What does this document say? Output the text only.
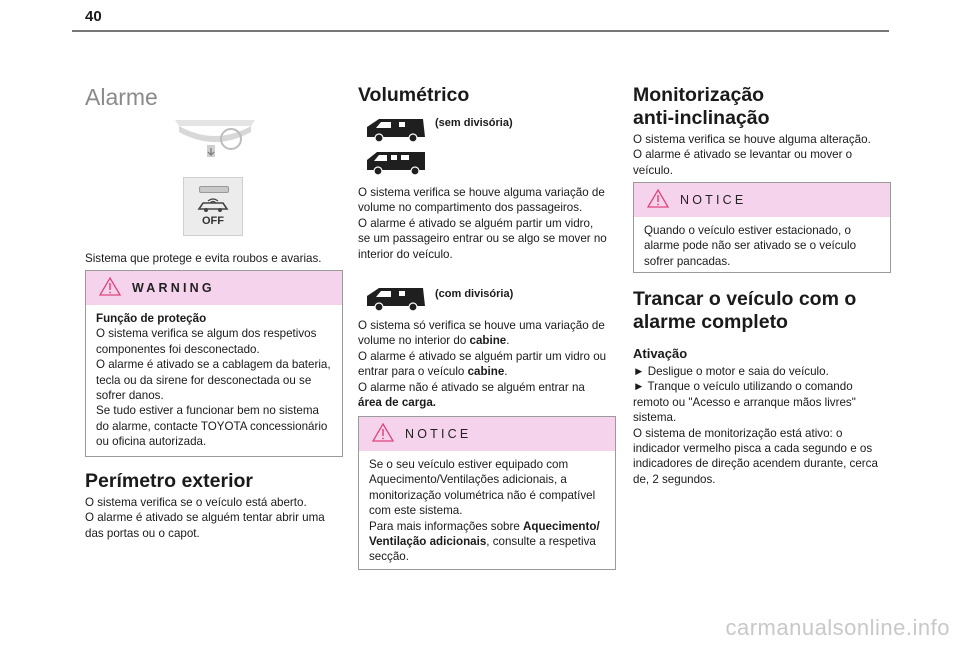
40
Alarme
OFF

Sistema que protege e evita roubos e avarias.

WARNING
Função de proteção
O sistema verifica se algum dos respetivos
componentes foi desconectado.
O alarme é ativado se a cablagem da bateria,
tecla ou da sirene for desconectada ou se
sofrer danos.
Se tudo estiver a funcionar bem no sistema
do alarme, contacte TOYOTA concessionário
ou oficina autorizada.
Perímetro exterior
O sistema verifica se o veículo está aberto.
O alarme é ativado se alguém tentar abrir uma
das portas ou o capot.
Volumétrico
(sem divisória)
O sistema verifica se houve alguma variação de
volume no compartimento dos passageiros.
O alarme é ativado se alguém partir um vidro,
se um passageiro entrar ou se algo se mover no
interior do veículo.
(com divisória)
O sistema só verifica se houve uma variação de
volume no interior do cabine.
O alarme é ativado se alguém partir um vidro ou
entrar para o veículo cabine.
O alarme não é ativado se alguém entrar na
área de carga.
NOTICE
Se o seu veículo estiver equipado com
Aquecimento/Ventilações adicionais, a
monitorização volumétrica não é compatível
com este sistema.
Para mais informações sobre Aquecimento/
Ventilação adicionais, consulte a respetiva
secção.
Monitorização
anti-inclinação
O sistema verifica se houve alguma alteração.
O alarme é ativado se levantar ou mover o
veículo.
NOTICE
Quando o veículo estiver estacionado, o
alarme pode não ser ativado se o veículo
sofrer pancadas.
Trancar o veículo com o
alarme completo
Ativação
► Desligue o motor e saia do veículo.
► Tranque o veículo utilizando o comando
remoto ou "Acesso e arranque mãos livres"
sistema.
O sistema de monitorização está ativo: o
indicador vermelho pisca a cada segundo e os
indicadores de direção acendem durante, cerca
de, 2 segundos.
carmanualsonline.info
